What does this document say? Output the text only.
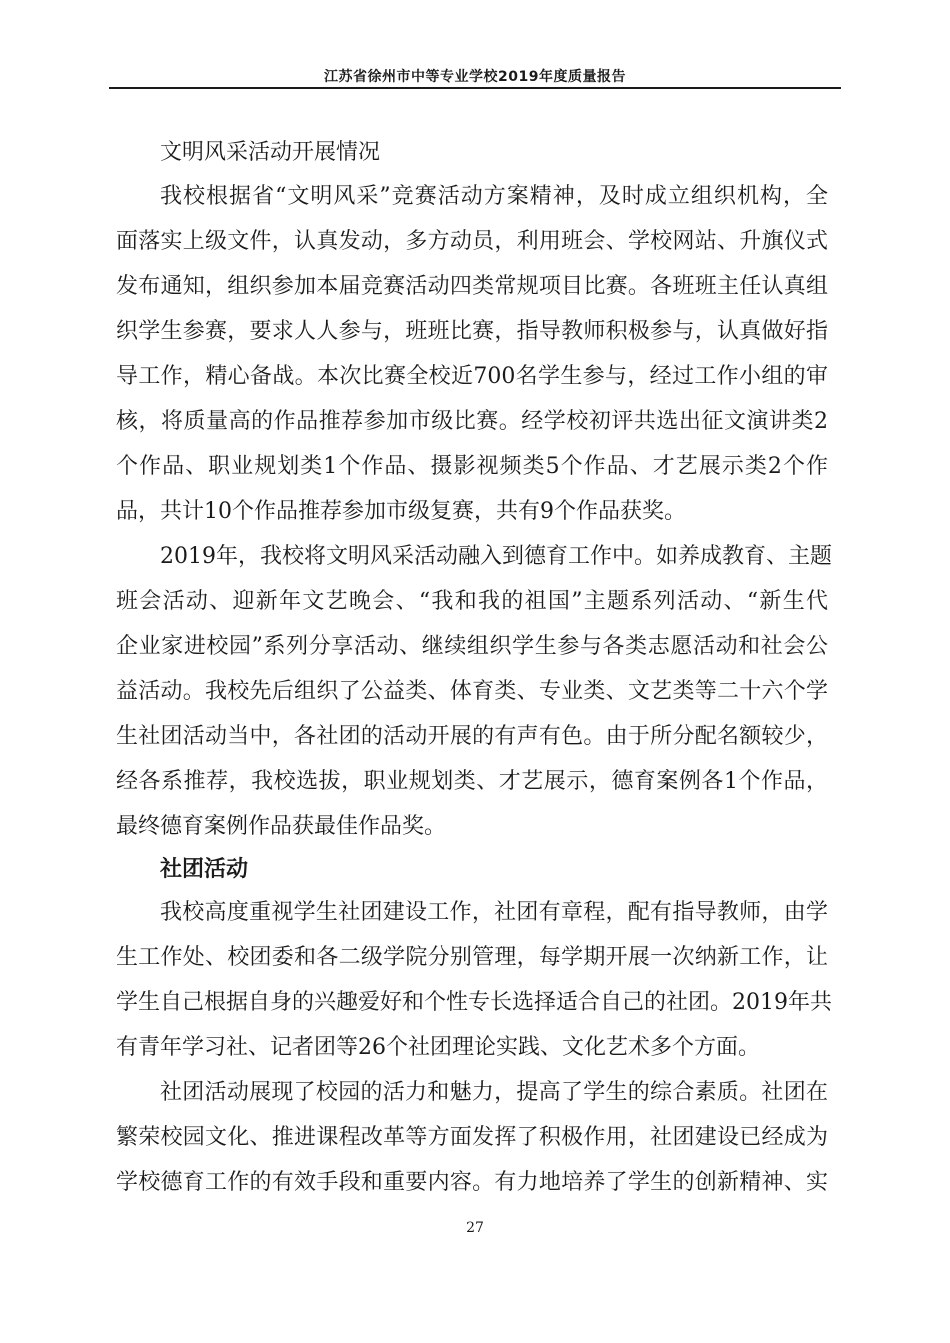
江苏省徐州市中等专业学校2019年度质量报告
文明风采活动开展情况
我校根据省“文明风采”竞赛活动方案精神，及时成立组织机构，全
面落实上级文件，认真发动，多方动员，利用班会、学校网站、升旗仪式
发布通知，组织参加本届竞赛活动四类常规项目比赛。各班班主任认真组
织学生参赛，要求人人参与，班班比赛，指导教师积极参与，认真做好指
导工作，精心备战。本次比赛全校近700名学生参与，经过工作小组的审
核，将质量高的作品推荐参加市级比赛。经学校初评共选出征文演讲类2
个作品、职业规划类1个作品、摄影视频类5个作品、才艺展示类2个作
品，共计10个作品推荐参加市级复赛，共有9个作品获奖。
2019年，我校将文明风采活动融入到德育工作中。如养成教育、主题
班会活动、迎新年文艺晚会、“我和我的祖国”主题系列活动、“新生代
企业家进校园”系列分享活动、继续组织学生参与各类志愿活动和社会公
益活动。我校先后组织了公益类、体育类、专业类、文艺类等二十六个学
生社团活动当中，各社团的活动开展的有声有色。由于所分配名额较少，
经各系推荐，我校选拔，职业规划类、才艺展示，德育案例各1个作品，
最终德育案例作品获最佳作品奖。
社团活动
我校高度重视学生社团建设工作，社团有章程，配有指导教师，由学
生工作处、校团委和各二级学院分别管理，每学期开展一次纳新工作，让
学生自己根据自身的兴趣爱好和个性专长选择适合自己的社团。2019年共
有青年学习社、记者团等26个社团理论实践、文化艺术多个方面。
社团活动展现了校园的活力和魅力，提高了学生的综合素质。社团在
繁荣校园文化、推进课程改革等方面发挥了积极作用，社团建设已经成为
学校德育工作的有效手段和重要内容。有力地培养了学生的创新精神、实
27
